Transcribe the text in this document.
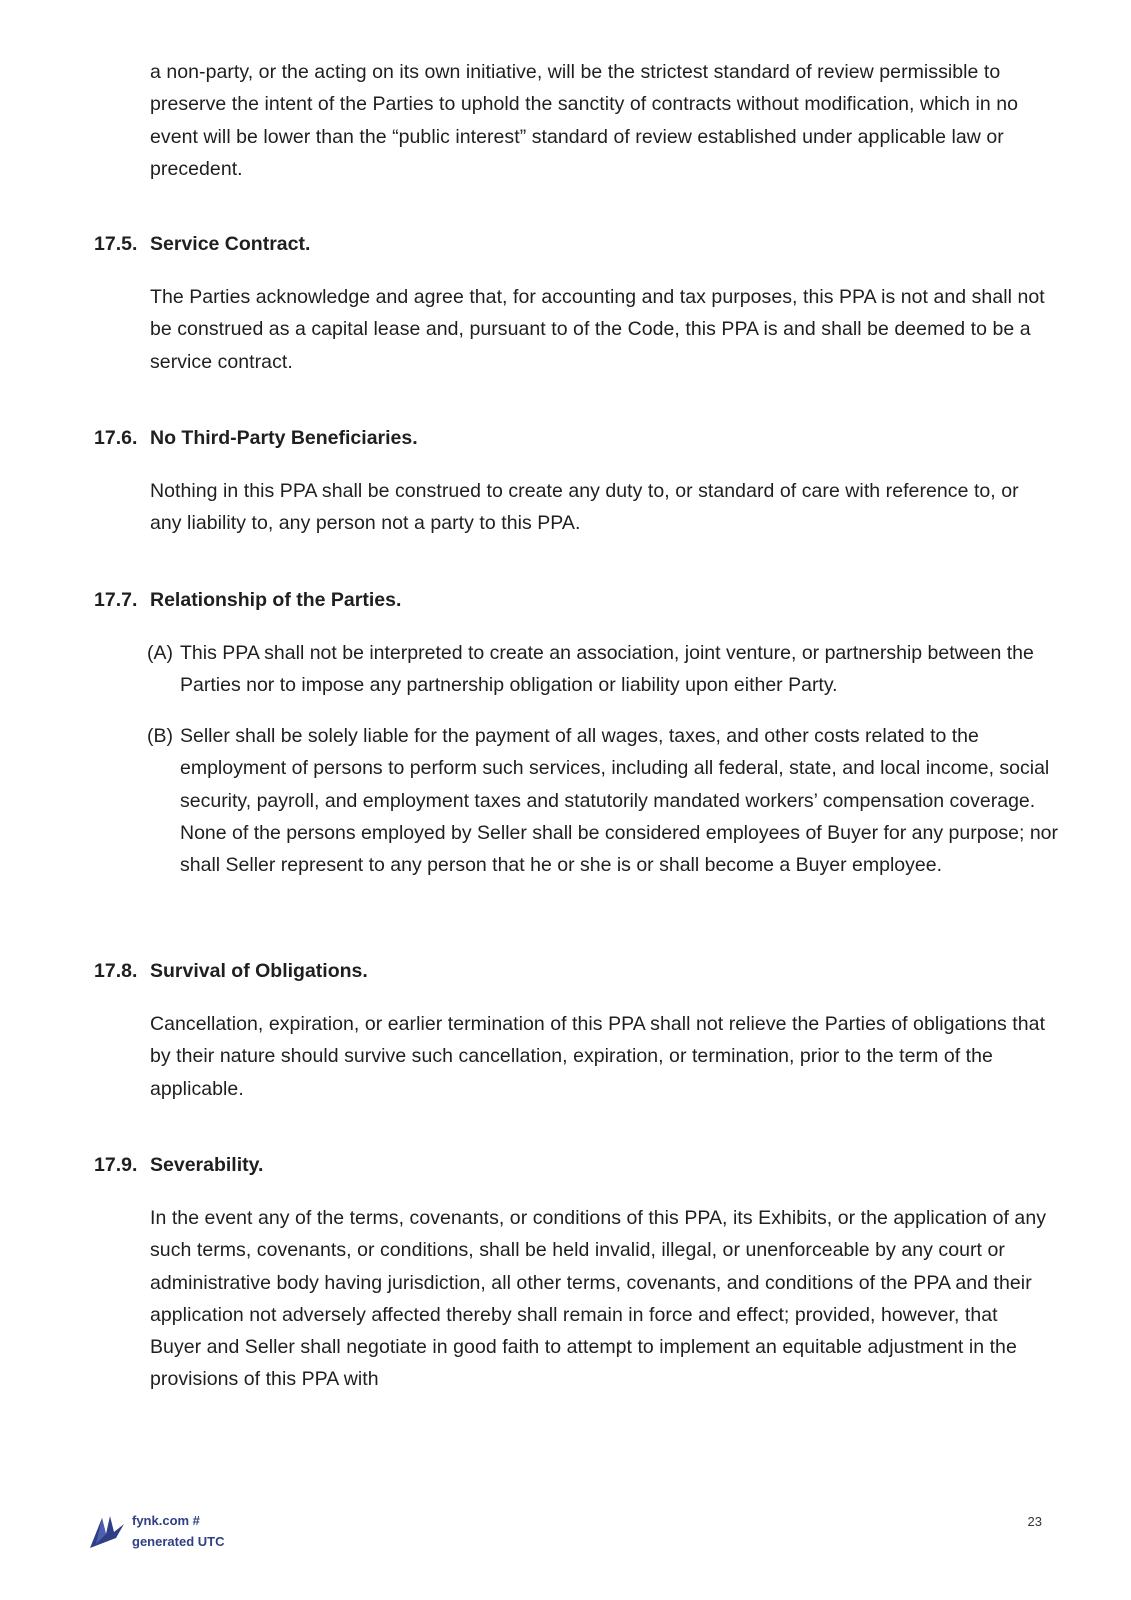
a non-party, or the acting on its own initiative, will be the strictest standard of review permissible to preserve the intent of the Parties to uphold the sanctity of contracts without modification, which in no event will be lower than the “public interest” standard of review established under applicable law or precedent.

17.5. Service Contract.

The Parties acknowledge and agree that, for accounting and tax purposes, this PPA is not and shall not be construed as a capital lease and, pursuant to of the Code, this PPA is and shall be deemed to be a service contract.

17.6. No Third-Party Beneficiaries.

Nothing in this PPA shall be construed to create any duty to, or standard of care with reference to, or any liability to, any person not a party to this PPA.

17.7. Relationship of the Parties.

(A) This PPA shall not be interpreted to create an association, joint venture, or partnership between the Parties nor to impose any partnership obligation or liability upon either Party.

(B) Seller shall be solely liable for the payment of all wages, taxes, and other costs related to the employment of persons to perform such services, including all federal, state, and local income, social security, payroll, and employment taxes and statutorily mandated workers’ compensation coverage. None of the persons employed by Seller shall be considered employees of Buyer for any purpose; nor shall Seller represent to any person that he or she is or shall become a Buyer employee.

17.8. Survival of Obligations.

Cancellation, expiration, or earlier termination of this PPA shall not relieve the Parties of obligations that by their nature should survive such cancellation, expiration, or termination, prior to the term of the applicable.

17.9. Severability.

In the event any of the terms, covenants, or conditions of this PPA, its Exhibits, or the application of any such terms, covenants, or conditions, shall be held invalid, illegal, or unenforceable by any court or administrative body having jurisdiction, all other terms, covenants, and conditions of the PPA and their application not adversely affected thereby shall remain in force and effect; provided, however, that Buyer and Seller shall negotiate in good faith to attempt to implement an equitable adjustment in the provisions of this PPA with

fynk.com #
generated UTC
23
